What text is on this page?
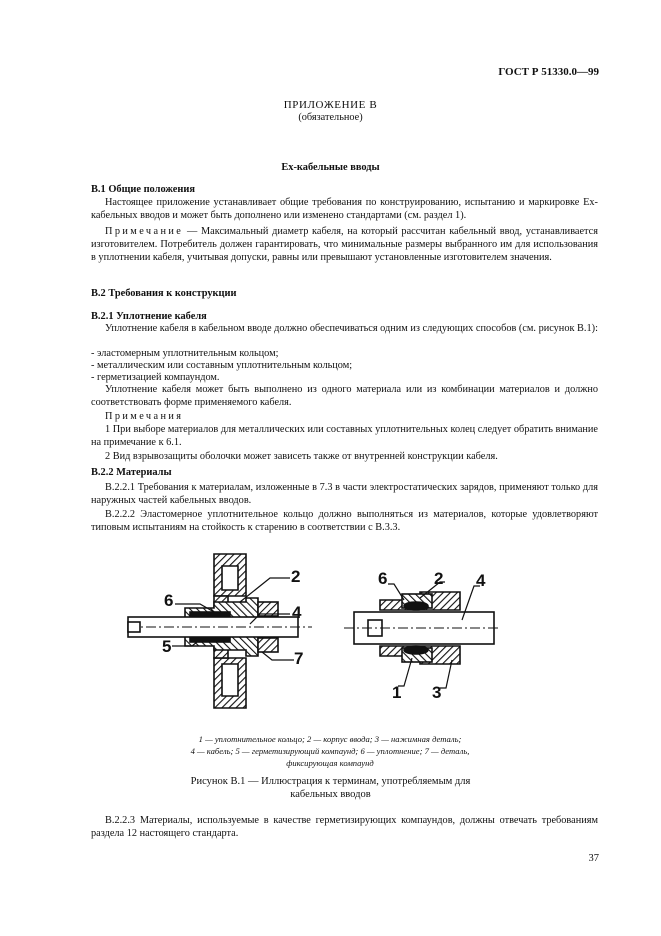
ГОСТ Р 51330.0—99
ПРИЛОЖЕНИЕ В
(обязательное)
Ех-кабельные вводы
В.1 Общие положения
Настоящее приложение устанавливает общие требования по конструированию, испытанию и маркировке Ех-кабельных вводов и может быть дополнено или изменено стандартами (см. раздел 1).
Примечание — Максимальный диаметр кабеля, на который рассчитан кабельный ввод, устанавливается изготовителем. Потребитель должен гарантировать, что минимальные размеры выбранного им для использования в уплотнении кабеля, учитывая допуски, равны или превышают установленные изготовителем значения.
В.2 Требования к конструкции
В.2.1 Уплотнение кабеля
Уплотнение кабеля в кабельном вводе должно обеспечиваться одним из следующих способов (см. рисунок В.1):
- эластомерным уплотнительным кольцом;
- металлическим или составным уплотнительным кольцом;
- герметизацией компаундом.
Уплотнение кабеля может быть выполнено из одного материала или из комбинации материалов и должно соответствовать форме применяемого кабеля.
Примечания
1 При выборе материалов для металлических или составных уплотнительных колец следует обратить внимание на примечание к 6.1.
2 Вид взрывозащиты оболочки может зависеть также от внутренней конструкции кабеля.
В.2.2 Материалы
В.2.2.1 Требования к материалам, изложенные в 7.3 в части электростатических зарядов, применяют только для наружных частей кабельных вводов.
В.2.2.2 Эластомерное уплотнительное кольцо должно выполняться из материалов, которые удовлетворяют типовым испытаниям на стойкость к старению в соответствии с В.3.3.
6
2
4
5
7
6	2 4
1 3
1 — уплотнительное кольцо; 2 — корпус ввода; 3 — нажимная деталь;
4 — кабель; 5 — герметизирующий компаунд; 6 — уплотнение; 7 — деталь,
фиксирующая компаунд
Рисунок В.1 — Иллюстрация к терминам, употребляемым для
кабельных вводов
В.2.2.3 Материалы, используемые в качестве герметизирующих компаундов, должны отвечать требованиям раздела 12 настоящего стандарта.
37
